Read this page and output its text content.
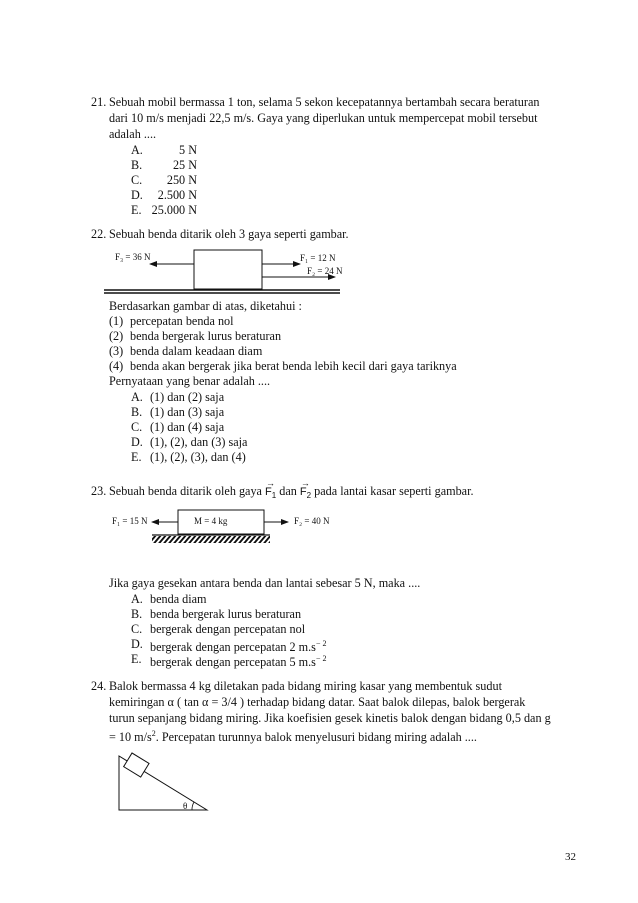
21. Sebuah mobil bermassa 1 ton, selama 5 sekon kecepatannya bertambah secara beraturan
dari 10 m/s menjadi 22,5 m/s. Gaya yang diperlukan untuk mempercepat mobil tersebut
adalah ....
A.	5 N
B.	25 N
C.	250 N
D.	2.500 N
E. 25.000 N
22. Sebuah benda ditarik oleh 3 gaya seperti gambar.
F₃ = 36 N	F₁ = 12 N
F₂ = 24 N
Berdasarkan gambar di atas, diketahui :
(1) percepatan benda nol
(2) benda bergerak lurus beraturan
(3) benda dalam keadaan diam
(4) benda akan bergerak jika berat benda lebih kecil dari gaya tariknya
Pernyataan yang benar adalah ....
A. (1) dan (2) saja
B. (1) dan (3) saja
C. (1) dan (4) saja
D. (1), (2), dan (3) saja
E. (1), (2), (3), dan (4)
23. Sebuah benda ditarik oleh gaya
→
$F_1$ dan
→
$F_2$ pada lantai kasar seperti gambar.
F₁ = 15 N	M = 4 kg	F₂ = 40 N
Jika gaya gesekan antara benda dan lantai sebesar 5 N, maka ....
A. benda diam
B. benda bergerak lurus beraturan
C. bergerak dengan percepatan nol
D. bergerak dengan percepatan 2 $m.s^{- 2}$
E. bergerak dengan percepatan 5 $m.s^{- 2}$
24. Balok bermassa 4 kg diletakan pada bidang miring kasar yang membentuk sudut
kemiringan α ( tan α = 3/4 ) terhadap bidang datar. Saat balok dilepas, balok bergerak
turun sepanjang bidang miring. Jika koefisien gesek kinetis balok dengan bidang 0,5 dan g
= 10 $m/s^2$. Percepatan turunnya balok menyelusuri bidang miring adalah ....
θ
32
